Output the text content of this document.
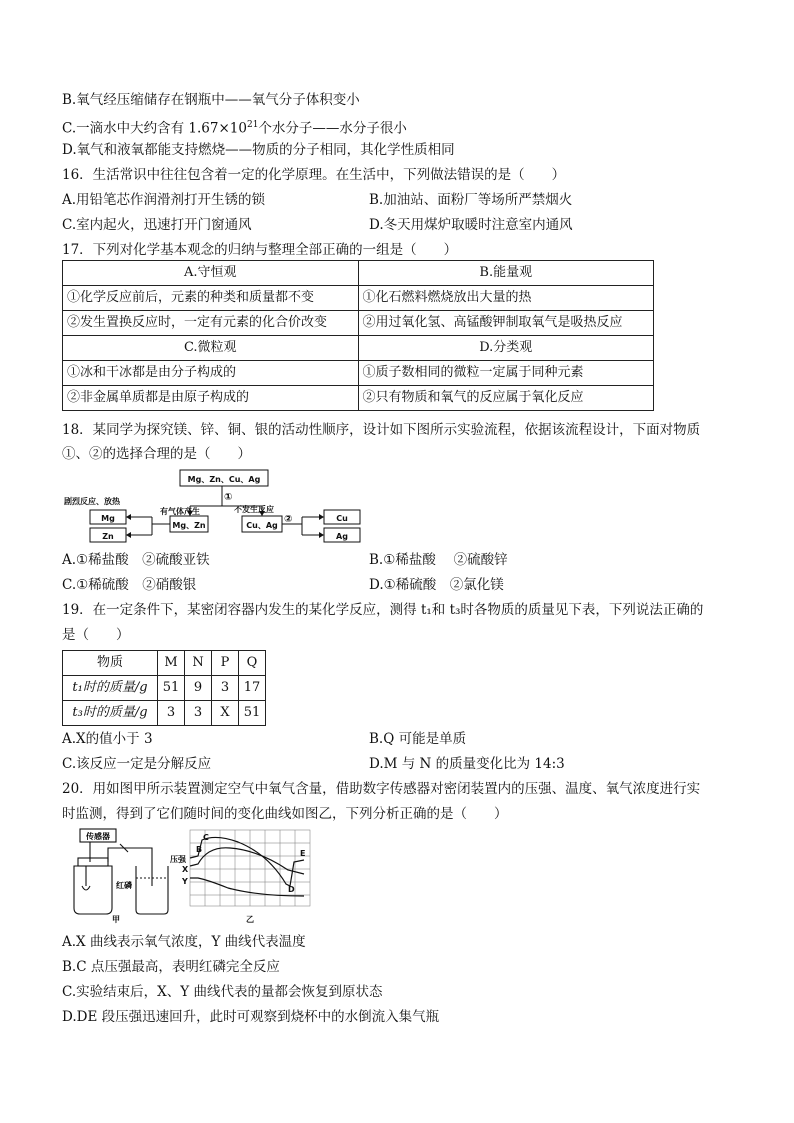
B.氧气经压缩储存在钢瓶中——氧气分子体积变小
C.一滴水中大约含有 $1.67\times 10^{21}$个水分子——水分子很小
D.氧气和液氧都能支持燃烧——物质的分子相同，其化学性质相同
16．生活常识中往往包含着一定的化学原理。在生活中，下列做法错误的是（　　）
A.用铅笔芯作润滑剂打开生锈的锁	B.加油站、面粉厂等场所严禁烟火
C.室内起火，迅速打开门窗通风	D.冬天用煤炉取暖时注意室内通风
17．下列对化学基本观念的归纳与整理全部正确的一组是（　　）
A.守恒观	B.能量观
①化学反应前后，元素的种类和质量都不变	①化石燃料燃烧放出大量的热
②发生置换反应时，一定有元素的化合价改变	②用过氧化氢、高锰酸钾制取氧气是吸热反应
C.微粒观	D.分类观
①冰和干冰都是由分子构成的	①质子数相同的微粒一定属于同种元素
②非金属单质都是由原子构成的	②只有物质和氧气的反应属于氧化反应
18．某同学为探究镁、锌、铜、银的活动性顺序，设计如下图所示实验流程，依据该流程设计，下面对物质
①、②的选择合理的是（　　）
Mg、Zn、Cu、Ag
Mg、Zn	Cu、Ag
Mg
Zn
Cu
Ag
有气体产生	不发生反应
剧烈反应、放热	①
②
A.①稀盐酸　②硫酸亚铁	B.①稀盐酸　 ②硫酸锌
C.①稀硫酸　②硝酸银	D.①稀硫酸　②氯化镁
19．在一定条件下，某密闭容器内发生的某化学反应，测得 t₁和 t₃时各物质的质量见下表，下列说法正确的
是（　　）
物质	M	N	P	Q
t₁时的质量/g	51	9	3	17
t₃时的质量/g	3	3	X	51
A.X的值小于 3	B.Q 可能是单质
C.该反应一定是分解反应	D.M 与 N 的质量变化比为 14:3
20．用如图甲所示装置测定空气中氧气含量，借助数字传感器对密闭装置内的压强、温度、氧气浓度进行实
时监测，得到了它们随时间的变化曲线如图乙，下列分析正确的是（　　）
传感器
红磷
甲
压强
X
Y
B
C
D
E
乙
A.X 曲线表示氧气浓度，Y 曲线代表温度
B.C 点压强最高，表明红磷完全反应
C.实验结束后，X、Y 曲线代表的量都会恢复到原状态
D.DE 段压强迅速回升，此时可观察到烧杯中的水倒流入集气瓶
